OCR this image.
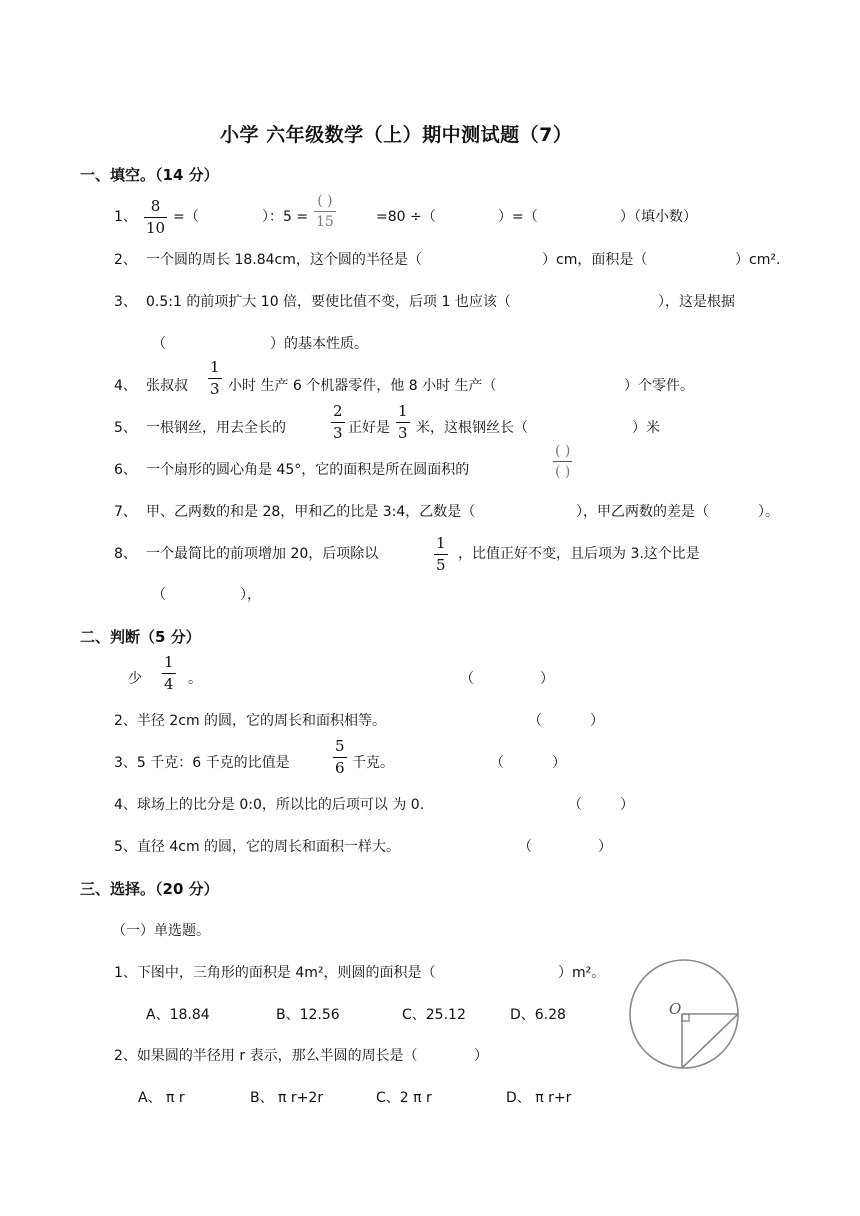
小学 六年级数学（上）期中测试题（7）
一、填空。（14 分）
1、 $\frac{8}{10}$ =（	）：5 =
( )
15	=80 ÷（	）=（	）（填小数）
2、 一个圆的周长 18.84cm，这个圆的半径是（	）cm，面积是（	）cm².
3、 0.5:1 的前项扩大 10 倍，要使比值不变，后项 1 也应该（	），这是根据
（	）的基本性质。
4、 张叔叔 $\frac{1}{3}$ 小时 生产 6 个机器零件，他 8 小时 生产（	）个零件。
5、 一根钢丝，用去全长的	$\frac{2}{3}$ 正好是 $\frac{1}{3}$ 米，这根钢丝长（	）米
6、 一个扇形的圆心角是 45°，它的面积是所在圆面积的
( )
( )
7、 甲、乙两数的和是 28，甲和乙的比是 3:4，乙数是（	），甲乙两数的差是（	）。
8、 一个最简比的前项增加 20，后项除以	$\frac{1}{5}$ ，比值正好不变，且后项为 3.这个比是
（	），
二、判断（5 分）
少 $\frac{1}{4}$ 。	（	）
2、半径 2cm 的圆，它的周长和面积相等。	（	）
3、5 千克：6 千克的比值是	$\frac{5}{6}$ 千克。	（	）
4、球场上的比分是 0:0，所以比的后项可以 为 0.	（	）
5、直径 4cm 的圆，它的周长和面积一样大。	（	）
三、选择。（20 分）
（一）单选题。
1、下图中，三角形的面积是 4m²，则圆的面积是（	）m²。
A、18.84	B、12.56	C、25.12	D、6.28
2、如果圆的半径用 r 表示，那么半圆的周长是（	）
A、 π r	B、 π r+2r	C、2 π r	D、 π r+r
O
